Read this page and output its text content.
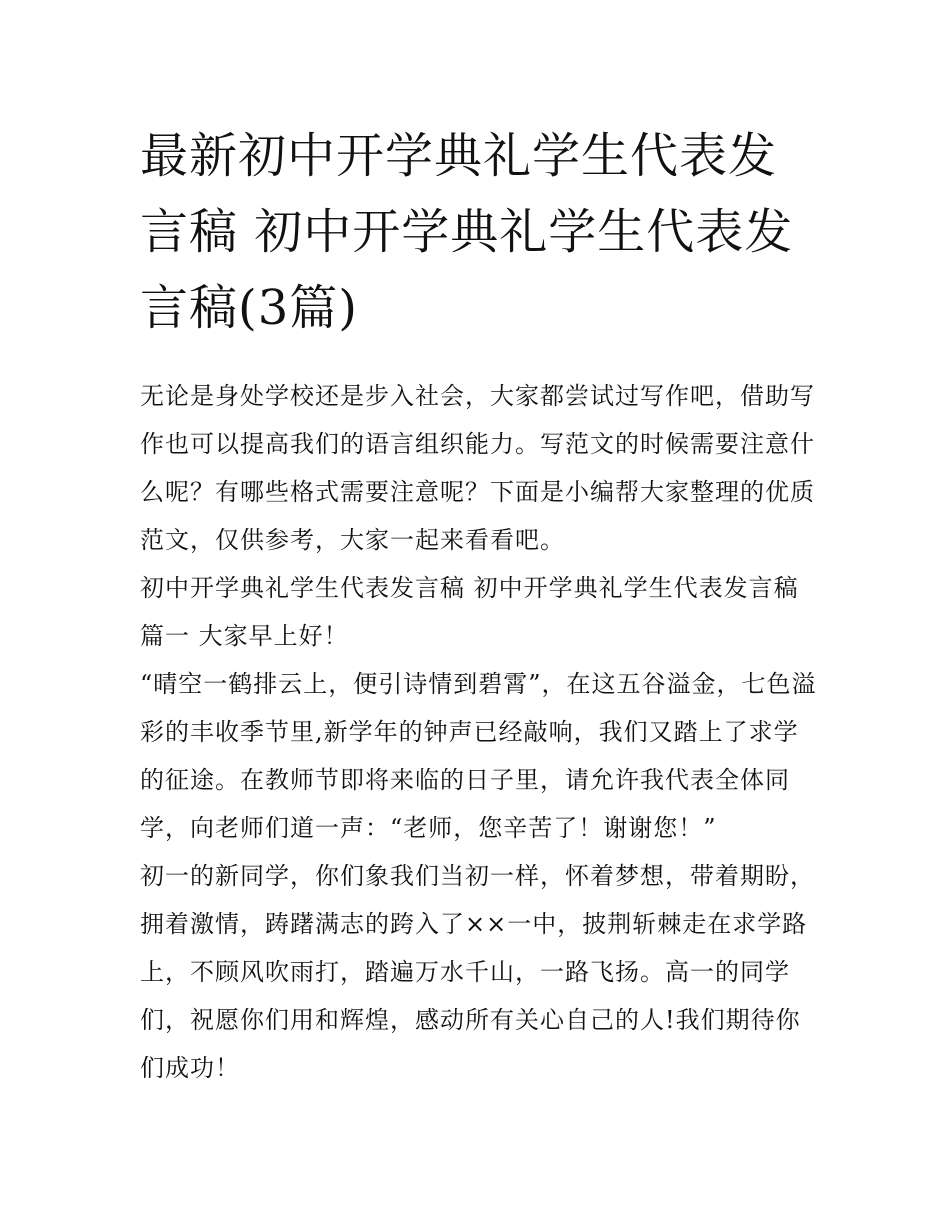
最新初中开学典礼学生代表发言稿 初中开学典礼学生代表发言稿(3篇)

无论是身处学校还是步入社会，大家都尝试过写作吧，借助写作也可以提高我们的语言组织能力。写范文的时候需要注意什么呢？有哪些格式需要注意呢？下面是小编帮大家整理的优质范文，仅供参考，大家一起来看看吧。

初中开学典礼学生代表发言稿 初中开学典礼学生代表发言稿篇一 大家早上好！

“晴空一鹤排云上，便引诗情到碧霄”，在这五谷溢金，七色溢彩的丰收季节里,新学年的钟声已经敲响，我们又踏上了求学的征途。在教师节即将来临的日子里，请允许我代表全体同学，向老师们道一声：“老师，您辛苦了！谢谢您！”

初一的新同学，你们象我们当初一样，怀着梦想，带着期盼，拥着激情，踌躇满志的跨入了××一中，披荆斩棘走在求学路上，不顾风吹雨打，踏遍万水千山，一路飞扬。高一的同学们，祝愿你们用和辉煌，感动所有关心自己的人!我们期待你们成功！
